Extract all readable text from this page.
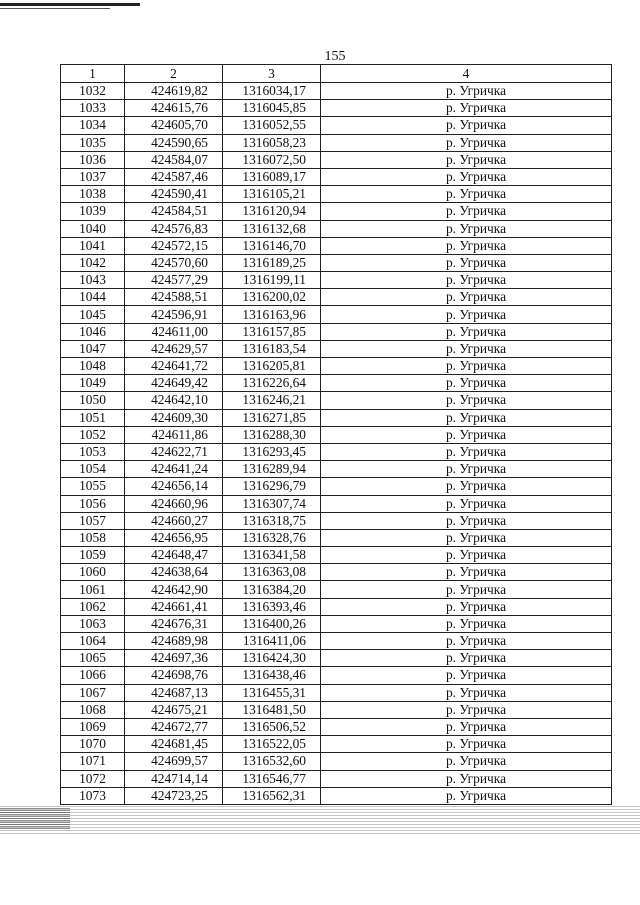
155
1	2	3	4
1032	424619,82	1316034,17	р. Угричка
1033	424615,76	1316045,85	р. Угричка
1034	424605,70	1316052,55	р. Угричка
1035	424590,65	1316058,23	р. Угричка
1036	424584,07	1316072,50	р. Угричка
1037	424587,46	1316089,17	р. Угричка
1038	424590,41	1316105,21	р. Угричка
1039	424584,51	1316120,94	р. Угричка
1040	424576,83	1316132,68	р. Угричка
1041	424572,15	1316146,70	р. Угричка
1042	424570,60	1316189,25	р. Угричка
1043	424577,29	1316199,11	р. Угричка
1044	424588,51	1316200,02	р. Угричка
1045	424596,91	1316163,96	р. Угричка
1046	424611,00	1316157,85	р. Угричка
1047	424629,57	1316183,54	р. Угричка
1048	424641,72	1316205,81	р. Угричка
1049	424649,42	1316226,64	р. Угричка
1050	424642,10	1316246,21	р. Угричка
1051	424609,30	1316271,85	р. Угричка
1052	424611,86	1316288,30	р. Угричка
1053	424622,71	1316293,45	р. Угричка
1054	424641,24	1316289,94	р. Угричка
1055	424656,14	1316296,79	р. Угричка
1056	424660,96	1316307,74	р. Угричка
1057	424660,27	1316318,75	р. Угричка
1058	424656,95	1316328,76	р. Угричка
1059	424648,47	1316341,58	р. Угричка
1060	424638,64	1316363,08	р. Угричка
1061	424642,90	1316384,20	р. Угричка
1062	424661,41	1316393,46	р. Угричка
1063	424676,31	1316400,26	р. Угричка
1064	424689,98	1316411,06	р. Угричка
1065	424697,36	1316424,30	р. Угричка
1066	424698,76	1316438,46	р. Угричка
1067	424687,13	1316455,31	р. Угричка
1068	424675,21	1316481,50	р. Угричка
1069	424672,77	1316506,52	р. Угричка
1070	424681,45	1316522,05	р. Угричка
1071	424699,57	1316532,60	р. Угричка
1072	424714,14	1316546,77	р. Угричка
1073	424723,25	1316562,31	р. Угричка
